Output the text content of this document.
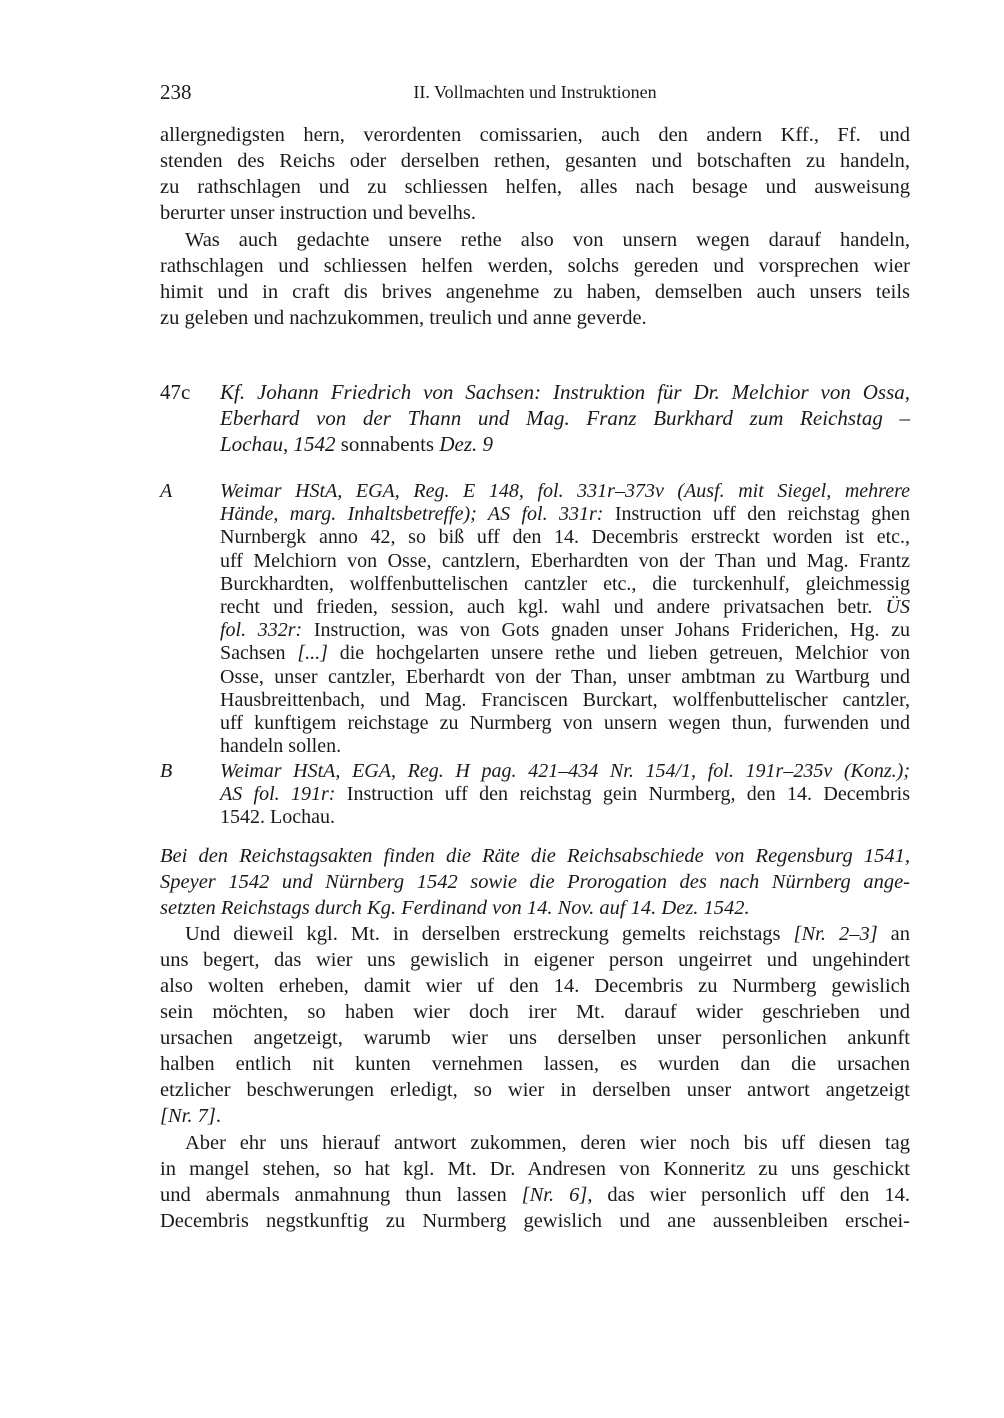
238	II. Vollmachten und Instruktionen
allergnedigsten hern, verordenten comissarien, auch den andern Kff., Ff. und
stenden des Reichs oder derselben rethen, gesanten und botschaften zu handeln,
zu rathschlagen und zu schliessen helfen, alles nach besage und ausweisung
berurter unser instruction und bevelhs.
Was auch gedachte unsere rethe also von unsern wegen darauf handeln,
rathschlagen und schliessen helfen werden, solchs gereden und vorsprechen wier
himit und in craft dis brives angenehme zu haben, demselben auch unsers teils
zu geleben und nachzukommen, treulich und anne geverde.
47c Kf. Johann Friedrich von Sachsen: Instruktion für Dr. Melchior von Ossa,
Eberhard von der Thann und Mag. Franz Burkhard zum Reichstag –
Lochau, 1542 sonnabents Dez. 9
A Weimar HStA, EGA, Reg. E 148, fol. 331r–373v (Ausf. mit Siegel, mehrere
Hände, marg. Inhaltsbetreffe); AS fol. 331r: Instruction uff den reichstag ghen
Nurnbergk anno 42, so biß uff den 14. Decembris erstreckt worden ist etc.,
uff Melchiorn von Osse, cantzlern, Eberhardten von der Than und Mag. Frantz
Burckhardten, wolffenbuttelischen cantzler etc., die turckenhulf, gleichmessig
recht und frieden, session, auch kgl. wahl und andere privatsachen betr. ÜS
fol. 332r: Instruction, was von Gots gnaden unser Johans Friderichen, Hg. zu
Sachsen [...] die hochgelarten unsere rethe und lieben getreuen, Melchior von
Osse, unser cantzler, Eberhardt von der Than, unser ambtman zu Wartburg und
Hausbreittenbach, und Mag. Franciscen Burckart, wolffenbuttelischer cantzler,
uff kunftigem reichstage zu Nurmberg von unsern wegen thun, furwenden und
handeln sollen.
B Weimar HStA, EGA, Reg. H pag. 421–434 Nr. 154/1, fol. 191r–235v (Konz.);
AS fol. 191r: Instruction uff den reichstag gein Nurmberg, den 14. Decembris
1542. Lochau.
Bei den Reichstagsakten finden die Räte die Reichsabschiede von Regensburg 1541,
Speyer 1542 und Nürnberg 1542 sowie die Prorogation des nach Nürnberg ange-
setzten Reichstags durch Kg. Ferdinand von 14. Nov. auf 14. Dez. 1542.
Und dieweil kgl. Mt. in derselben erstreckung gemelts reichstags [Nr. 2–3] an
uns begert, das wier uns gewislich in eigener person ungeirret und ungehindert
also wolten erheben, damit wier uf den 14. Decembris zu Nurmberg gewislich
sein möchten, so haben wier doch irer Mt. darauf wider geschrieben und
ursachen angetzeigt, warumb wier uns derselben unser personlichen ankunft
halben entlich nit kunten vernehmen lassen, es wurden dan die ursachen
etzlicher beschwerungen erledigt, so wier in derselben unser antwort angetzeigt
[Nr. 7].
Aber ehr uns hierauf antwort zukommen, deren wier noch bis uff diesen tag
in mangel stehen, so hat kgl. Mt. Dr. Andresen von Konneritz zu uns geschickt
und abermals anmahnung thun lassen [Nr. 6], das wier personlich uff den 14.
Decembris negstkunftig zu Nurmberg gewislich und ane aussenbleiben erschei-
